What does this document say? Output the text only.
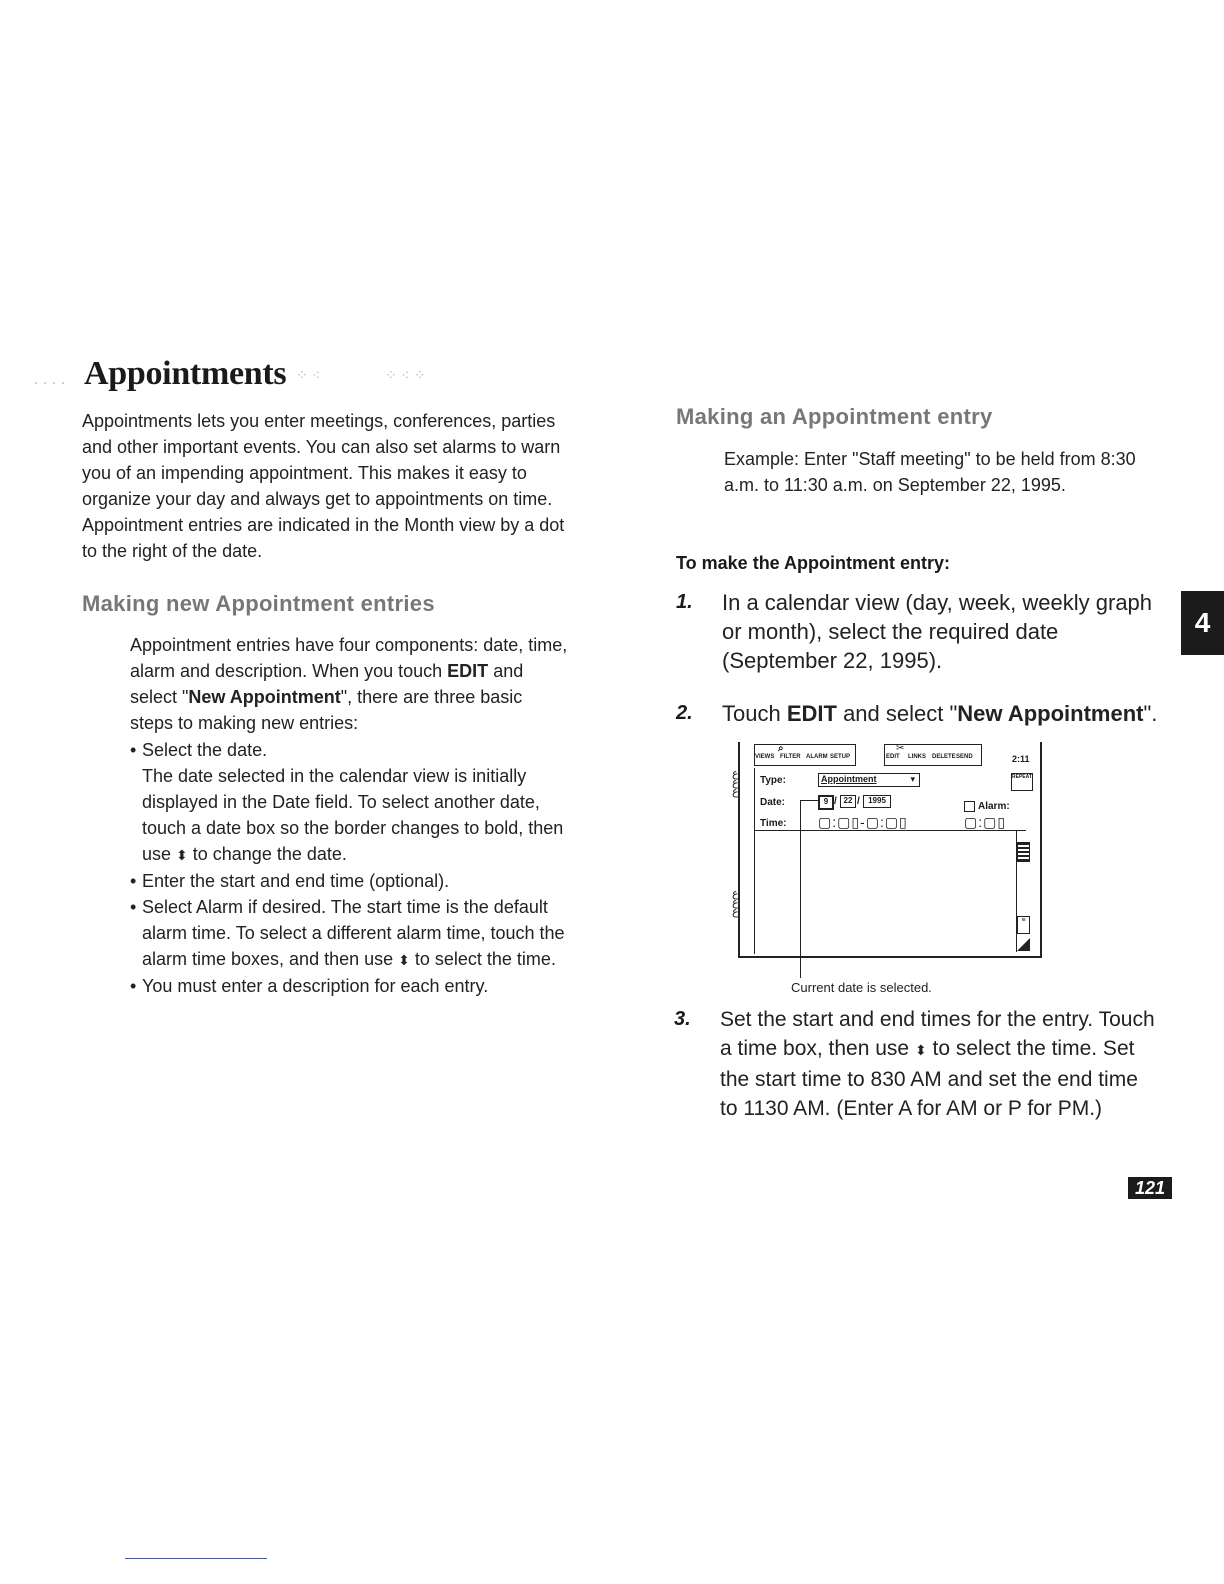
. . . . Appointments ⁘ ⁖	⁘ ⁖ ⁘
Appointments lets you enter meetings, conferences, parties and other important events. You can also set alarms to warn you of an impending appointment. This makes it easy to organize your day and always get to appointments on time. Appointment entries are indicated in the Month view by a dot to the right of the date.
Making new Appointment entries
Appointment entries have four components: date, time, alarm and description. When you touch EDIT and select "New Appointment", there are three basic steps to making new entries:
• Select the date.
The date selected in the calendar view is initially displayed in the Date field. To select another date, touch a date box so the border changes to bold, then use ⬍ to change the date.
• Enter the start and end time (optional).
• Select Alarm if desired. The start time is the default alarm time. To select a different alarm time, touch the alarm time boxes, and then use ⬍ to select the time.
• You must enter a description for each entry.
Making an Appointment entry
Example: Enter "Staff meeting" to be held from 8:30 a.m. to 11:30 a.m. on September 22, 1995.
To make the Appointment entry:
1. In a calendar view (day, week, weekly graph or month), select the required date (September 22, 1995).
2. Touch EDIT and select "New Appointment".
VIEWS FILTER ALARM SETUP	EDIT LINKS DELETE SEND
⌕	✂
2:11
ع
ع
ع
ع
ع
ع
Type:	Appointment	▾	REPEAT
Date:	9 / 22 /	1995
Alarm:
Time: ▢:▢▯-▢:▢▯	▢:▢▯
≡
Current date is selected.
3. Set the start and end times for the entry. Touch a time box, then use ⬍ to select the time. Set the start time to 830 AM and set the end time to 1130 AM. (Enter A for AM or P for PM.)
4
121
